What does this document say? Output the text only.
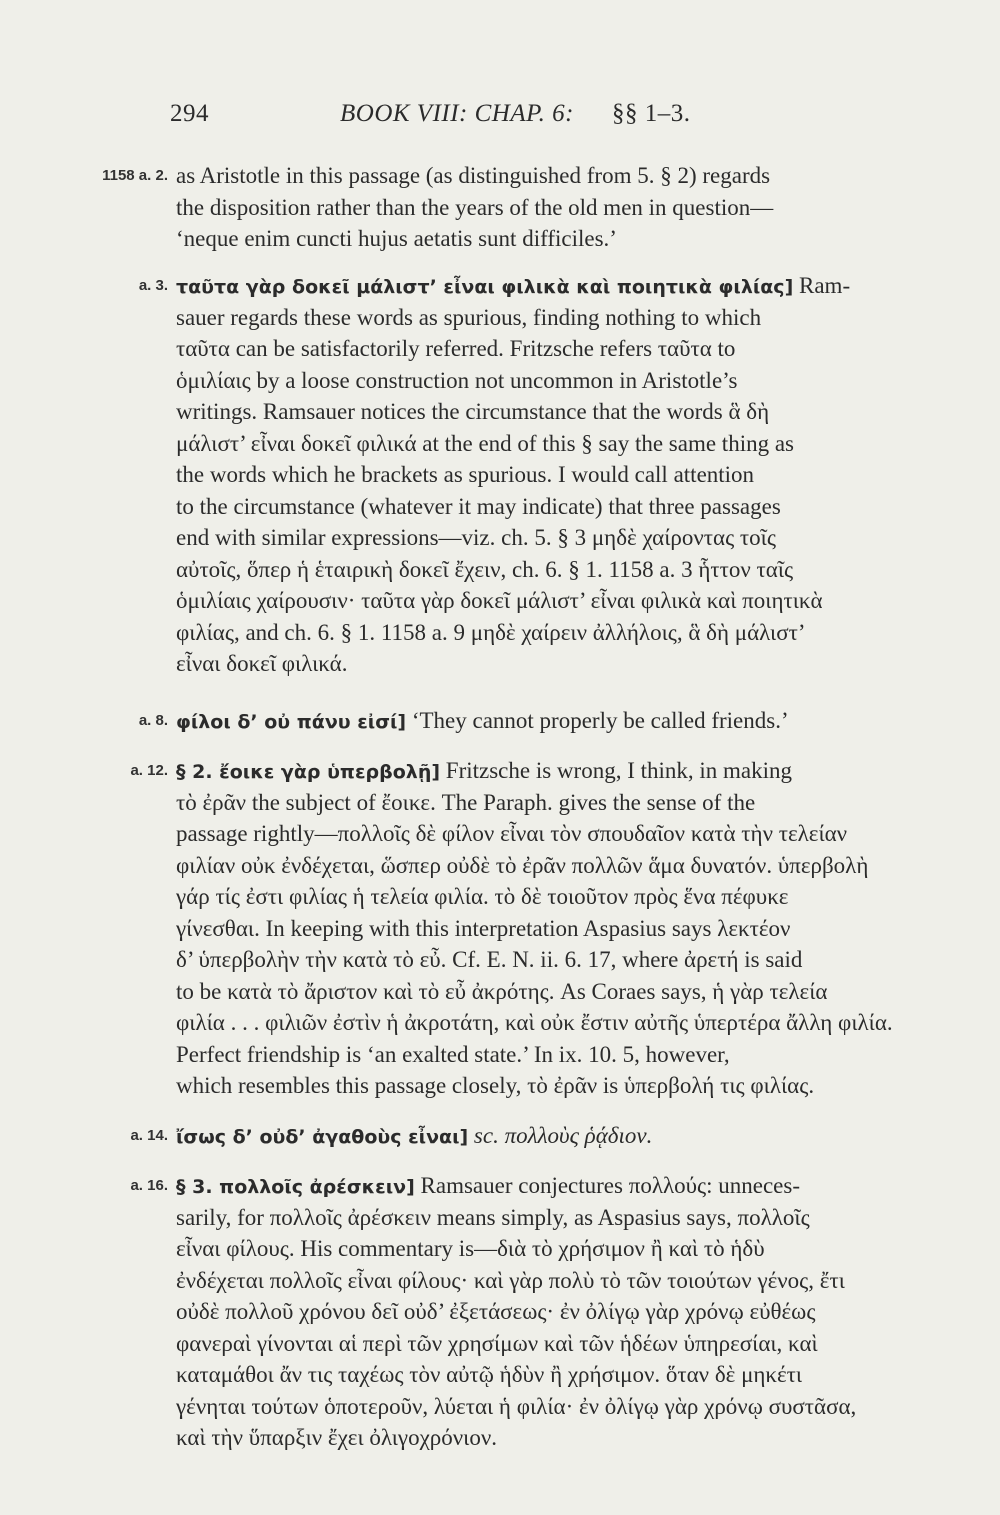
294	BOOK VIII: CHAP. 6: §§ 1–3.
1158 a. 2. as Aristotle in this passage (as distinguished from 5. § 2) regards
the disposition rather than the years of the old men in question—
‘neque enim cuncti hujus aetatis sunt difficiles.’
a. 3. ταῦτα γὰρ δοκεῖ μάλιστ’ εἶναι φιλικὰ καὶ ποιητικὰ φιλίας] Ram-
sauer regards these words as spurious, finding nothing to which
ταῦτα can be satisfactorily referred. Fritzsche refers ταῦτα to
ὁμιλίαις by a loose construction not uncommon in Aristotle’s
writings. Ramsauer notices the circumstance that the words ἃ δὴ
μάλιστ’ εἶναι δοκεῖ φιλικά at the end of this § say the same thing as
the words which he brackets as spurious. I would call attention
to the circumstance (whatever it may indicate) that three passages
end with similar expressions—viz. ch. 5. § 3 μηδὲ χαίροντας τοῖς
αὐτοῖς, ὅπερ ἡ ἑταιρικὴ δοκεῖ ἔχειν, ch. 6. § 1. 1158 a. 3 ἧττον ταῖς
ὁμιλίαις χαίρουσιν· ταῦτα γὰρ δοκεῖ μάλιστ’ εἶναι φιλικὰ καὶ ποιητικὰ
φιλίας, and ch. 6. § 1. 1158 a. 9 μηδὲ χαίρειν ἀλλήλοις, ἃ δὴ μάλιστ’
εἶναι δοκεῖ φιλικά.
a. 8. φίλοι δ’ οὐ πάνυ εἰσί] ‘They cannot properly be called friends.’
a. 12. § 2. ἔοικε γὰρ ὑπερβολῇ] Fritzsche is wrong, I think, in making
τὸ ἐρᾶν the subject of ἔοικε. The Paraph. gives the sense of the
passage rightly—πολλοῖς δὲ φίλον εἶναι τὸν σπουδαῖον κατὰ τὴν τελείαν
φιλίαν οὐκ ἐνδέχεται, ὥσπερ οὐδὲ τὸ ἐρᾶν πολλῶν ἅμα δυνατόν. ὑπερβολὴ
γάρ τίς ἐστι φιλίας ἡ τελεία φιλία. τὸ δὲ τοιοῦτον πρὸς ἕνα πέφυκε
γίνεσθαι. In keeping with this interpretation Aspasius says λεκτέον
δ’ ὑπερβολὴν τὴν κατὰ τὸ εὖ. Cf. E. N. ii. 6. 17, where ἀρετή is said
to be κατὰ τὸ ἄριστον καὶ τὸ εὖ ἀκρότης. As Coraes says, ἡ γὰρ τελεία
φιλία . . . φιλιῶν ἐστὶν ἡ ἀκροτάτη, καὶ οὐκ ἔστιν αὐτῆς ὑπερτέρα ἄλλη φιλία.
Perfect friendship is ‘an exalted state.’ In ix. 10. 5, however,
which resembles this passage closely, τὸ ἐρᾶν is ὑπερβολή τις φιλίας.
a. 14. ἴσως δ’ οὐδ’ ἀγαθοὺς εἶναι] sc. πολλοὺς ῥᾴδιον.
a. 16. § 3. πολλοῖς ἀρέσκειν] Ramsauer conjectures πολλούς: unneces-
sarily, for πολλοῖς ἀρέσκειν means simply, as Aspasius says, πολλοῖς
εἶναι φίλους. His commentary is—διὰ τὸ χρήσιμον ἢ καὶ τὸ ἡδὺ
ἐνδέχεται πολλοῖς εἶναι φίλους· καὶ γὰρ πολὺ τὸ τῶν τοιούτων γένος, ἔτι
οὐδὲ πολλοῦ χρόνου δεῖ οὐδ’ ἐξετάσεως· ἐν ὀλίγῳ γὰρ χρόνῳ εὐθέως
φανεραὶ γίνονται αἱ περὶ τῶν χρησίμων καὶ τῶν ἡδέων ὑπηρεσίαι, καὶ
καταμάθοι ἄν τις ταχέως τὸν αὐτῷ ἡδὺν ἢ χρήσιμον. ὅταν δὲ μηκέτι
γένηται τούτων ὁποτεροῦν, λύεται ἡ φιλία· ἐν ὀλίγῳ γὰρ χρόνῳ συστᾶσα,
καὶ τὴν ὕπαρξιν ἔχει ὀλιγοχρόνιον.
